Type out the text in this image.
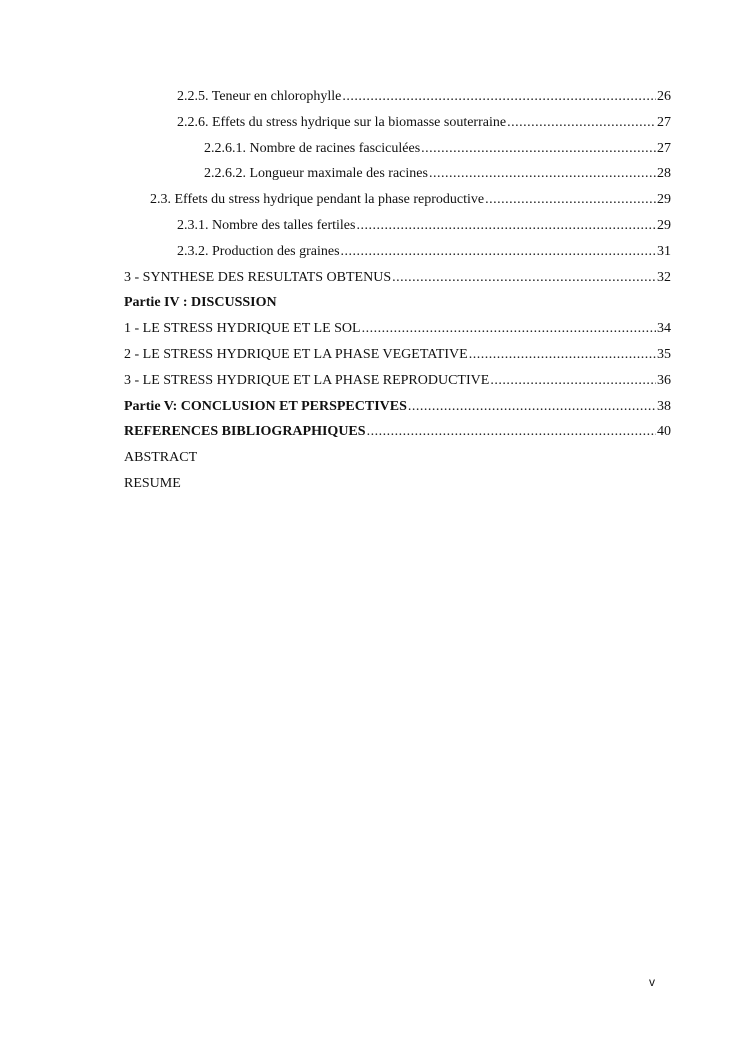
2.2.5. Teneur en chlorophylle .....	26
2.2.6. Effets du stress hydrique sur la biomasse souterraine .....	27
2.2.6.1. Nombre de racines fasciculées .....	27
2.2.6.2. Longueur maximale des racines .....	28
2.3. Effets du stress hydrique pendant la phase reproductive .....	29
2.3.1. Nombre des talles fertiles .....	29
2.3.2. Production des graines .....	31
3 - SYNTHESE DES RESULTATS OBTENUS .....	32
Partie IV : DISCUSSION
1 - LE STRESS HYDRIQUE ET LE SOL .....	34
2 - LE STRESS HYDRIQUE ET LA PHASE VEGETATIVE .....	35
3 - LE STRESS HYDRIQUE ET LA PHASE REPRODUCTIVE .....	36
Partie V: CONCLUSION ET PERSPECTIVES .....	38
REFERENCES BIBLIOGRAPHIQUES .....	40
ABSTRACT
RESUME
v
